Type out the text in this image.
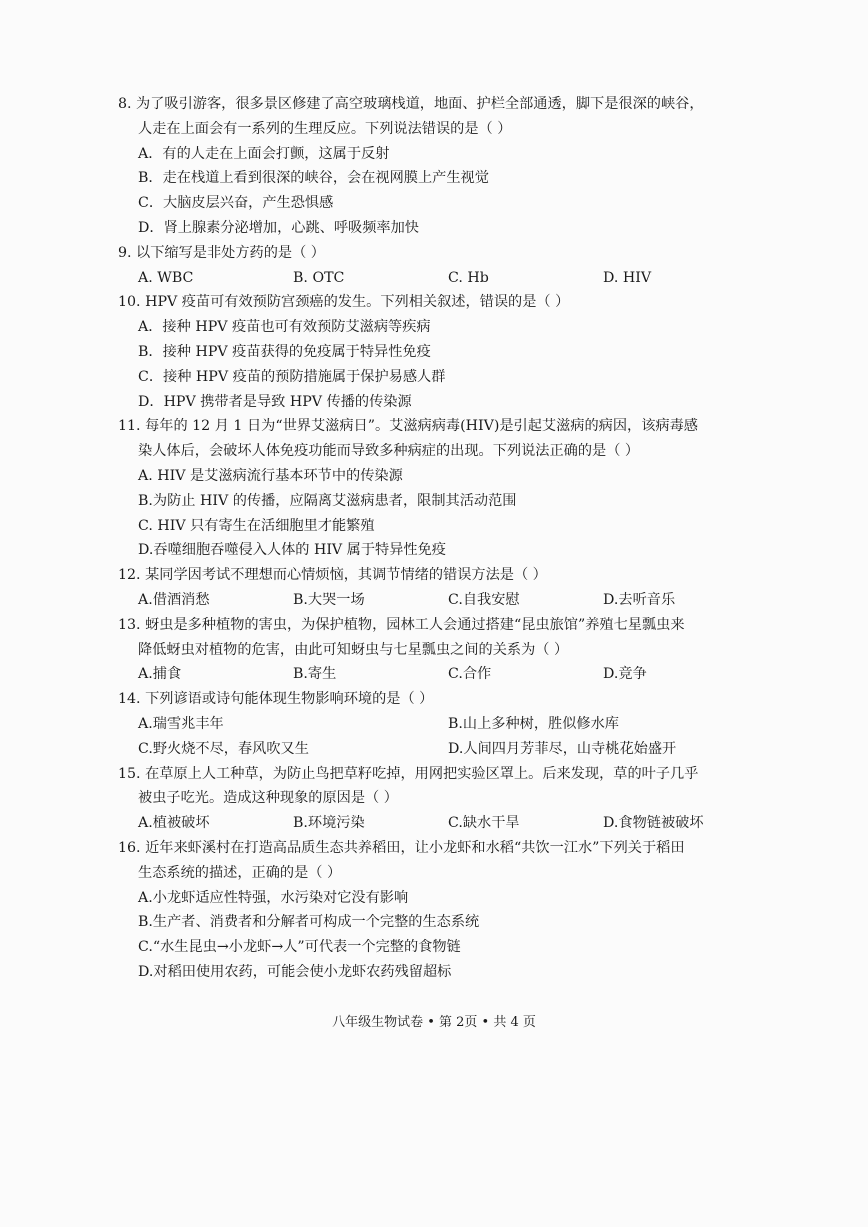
8. 为了吸引游客，很多景区修建了高空玻璃栈道，地面、护栏全部通透，脚下是很深的峡谷，
人走在上面会有一系列的生理反应。下列说法错误的是（ ）
A．有的人走在上面会打颤，这属于反射
B．走在栈道上看到很深的峡谷，会在视网膜上产生视觉
C．大脑皮层兴奋，产生恐惧感
D．肾上腺素分泌增加，心跳、呼吸频率加快
9. 以下缩写是非处方药的是（ ）
A. WBC	B. OTC	C. Hb	D. HIV
10. HPV 疫苗可有效预防宫颈癌的发生。下列相关叙述，错误的是（ ）
A．接种 HPV 疫苗也可有效预防艾滋病等疾病
B．接种 HPV 疫苗获得的免疫属于特异性免疫
C．接种 HPV 疫苗的预防措施属于保护易感人群
D．HPV 携带者是导致 HPV 传播的传染源
11. 每年的 12 月 1 日为“世界艾滋病日”。艾滋病病毒(HIV)是引起艾滋病的病因，该病毒感
染人体后，会破坏人体免疫功能而导致多种病症的出现。下列说法正确的是（ ）
A. HIV 是艾滋病流行基本环节中的传染源
B.为防止 HIV 的传播，应隔离艾滋病患者，限制其活动范围
C. HIV 只有寄生在活细胞里才能繁殖
D.吞噬细胞吞噬侵入人体的 HIV 属于特异性免疫
12. 某同学因考试不理想而心情烦恼，其调节情绪的错误方法是（ ）
A.借酒消愁	B.大哭一场	C.自我安慰	D.去听音乐
13. 蚜虫是多种植物的害虫，为保护植物，园林工人会通过搭建“昆虫旅馆”养殖七星瓢虫来
降低蚜虫对植物的危害，由此可知蚜虫与七星瓢虫之间的关系为（ ）
A.捕食	B.寄生	C.合作	D.竞争
14. 下列谚语或诗句能体现生物影响环境的是（ ）
A.瑞雪兆丰年	B.山上多种树，胜似修水库
C.野火烧不尽，春风吹又生	D.人间四月芳菲尽，山寺桃花始盛开
15. 在草原上人工种草，为防止鸟把草籽吃掉，用网把实验区罩上。后来发现，草的叶子几乎
被虫子吃光。造成这种现象的原因是（ ）
A.植被破坏	B.环境污染	C.缺水干旱	D.食物链被破坏
16. 近年来虾溪村在打造高品质生态共养稻田，让小龙虾和水稻“共饮一江水”下列关于稻田
生态系统的描述，正确的是（ ）
A.小龙虾适应性特强，水污染对它没有影响
B.生产者、消费者和分解者可构成一个完整的生态系统
C.“水生昆虫→小龙虾→人”可代表一个完整的食物链
D.对稻田使用农药，可能会使小龙虾农药残留超标
八年级生物试卷 • 第 2页 • 共 4 页
